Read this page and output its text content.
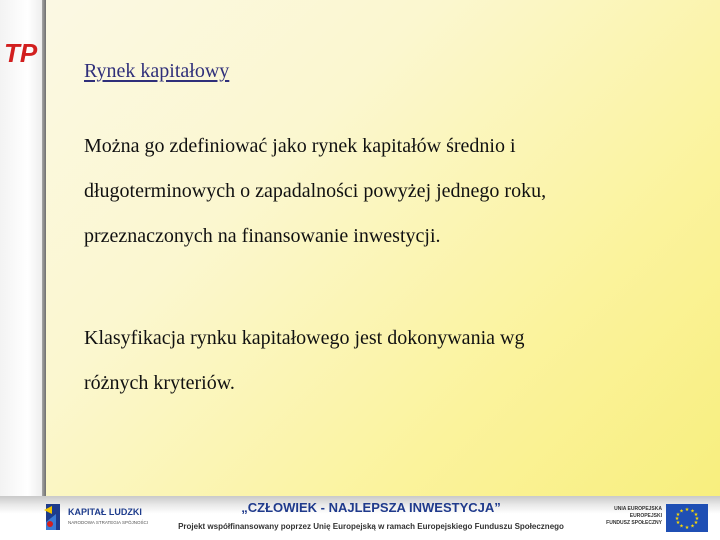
TP
Rynek kapitałowy
Można go zdefiniować jako rynek kapitałów średnio i
długoterminowych o zapadalności powyżej jednego roku,
przeznaczonych na finansowanie inwestycji.
Klasyfikacja rynku kapitałowego jest dokonywania wg
różnych kryteriów.
KAPITAŁ LUDZKI
NARODOWA STRATEGIA SPÓJNOŚCI
„CZŁOWIEK - NAJLEPSZA INWESTYCJA”
Projekt współfinansowany poprzez Unię Europejską w ramach Europejskiego Funduszu Społecznego
UNIA EUROPEJSKA
EUROPEJSKI
FUNDUSZ SPOŁECZNY
★ ★
★
★
★
★
★
★
★
★
★
★
